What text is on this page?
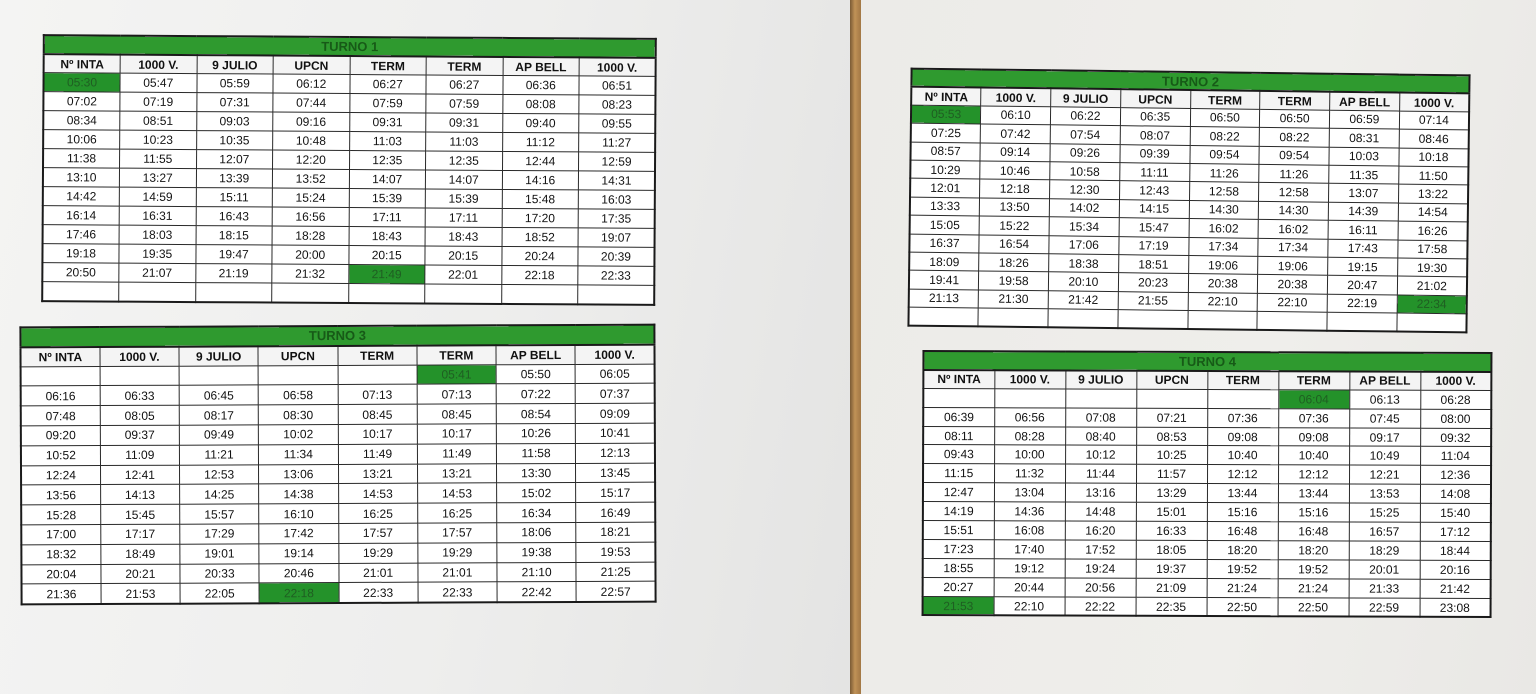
TURNO 1							
Nº INTA	1000 V.	9 JULIO	UPCN	TERM	TERM	AP BELL	1000 V.
05:30	05:47	05:59	06:12	06:27	06:27	06:36	06:51
07:02	07:19	07:31	07:44	07:59	07:59	08:08	08:23
08:34	08:51	09:03	09:16	09:31	09:31	09:40	09:55
10:06	10:23	10:35	10:48	11:03	11:03	11:12	11:27
11:38	11:55	12:07	12:20	12:35	12:35	12:44	12:59
13:10	13:27	13:39	13:52	14:07	14:07	14:16	14:31
14:42	14:59	15:11	15:24	15:39	15:39	15:48	16:03
16:14	16:31	16:43	16:56	17:11	17:11	17:20	17:35
17:46	18:03	18:15	18:28	18:43	18:43	18:52	19:07
19:18	19:35	19:47	20:00	20:15	20:15	20:24	20:39
20:50	21:07	21:19	21:32	21:49	22:01	22:18	22:33

TURNO 2							
Nº INTA	1000 V.	9 JULIO	UPCN	TERM	TERM	AP BELL	1000 V.
05:53	06:10	06:22	06:35	06:50	06:50	06:59	07:14
07:25	07:42	07:54	08:07	08:22	08:22	08:31	08:46
08:57	09:14	09:26	09:39	09:54	09:54	10:03	10:18
10:29	10:46	10:58	11:11	11:26	11:26	11:35	11:50
12:01	12:18	12:30	12:43	12:58	12:58	13:07	13:22
13:33	13:50	14:02	14:15	14:30	14:30	14:39	14:54
15:05	15:22	15:34	15:47	16:02	16:02	16:11	16:26
16:37	16:54	17:06	17:19	17:34	17:34	17:43	17:58
18:09	18:26	18:38	18:51	19:06	19:06	19:15	19:30
19:41	19:58	20:10	20:23	20:38	20:38	20:47	21:02
21:13	21:30	21:42	21:55	22:10	22:10	22:19	22:34

TURNO 3							
Nº INTA	1000 V.	9 JULIO	UPCN	TERM	TERM	AP BELL	1000 V.
					05:41	05:50	06:05
06:16	06:33	06:45	06:58	07:13	07:13	07:22	07:37
07:48	08:05	08:17	08:30	08:45	08:45	08:54	09:09
09:20	09:37	09:49	10:02	10:17	10:17	10:26	10:41
10:52	11:09	11:21	11:34	11:49	11:49	11:58	12:13
12:24	12:41	12:53	13:06	13:21	13:21	13:30	13:45
13:56	14:13	14:25	14:38	14:53	14:53	15:02	15:17
15:28	15:45	15:57	16:10	16:25	16:25	16:34	16:49
17:00	17:17	17:29	17:42	17:57	17:57	18:06	18:21
18:32	18:49	19:01	19:14	19:29	19:29	19:38	19:53
20:04	20:21	20:33	20:46	21:01	21:01	21:10	21:25
21:36	21:53	22:05	22:18	22:33	22:33	22:42	22:57
TURNO 4							
Nº INTA	1000 V.	9 JULIO	UPCN	TERM	TERM	AP BELL	1000 V.
					06:04	06:13	06:28
06:39	06:56	07:08	07:21	07:36	07:36	07:45	08:00
08:11	08:28	08:40	08:53	09:08	09:08	09:17	09:32
09:43	10:00	10:12	10:25	10:40	10:40	10:49	11:04
11:15	11:32	11:44	11:57	12:12	12:12	12:21	12:36
12:47	13:04	13:16	13:29	13:44	13:44	13:53	14:08
14:19	14:36	14:48	15:01	15:16	15:16	15:25	15:40
15:51	16:08	16:20	16:33	16:48	16:48	16:57	17:12
17:23	17:40	17:52	18:05	18:20	18:20	18:29	18:44
18:55	19:12	19:24	19:37	19:52	19:52	20:01	20:16
20:27	20:44	20:56	21:09	21:24	21:24	21:33	21:42
21:53	22:10	22:22	22:35	22:50	22:50	22:59	23:08
